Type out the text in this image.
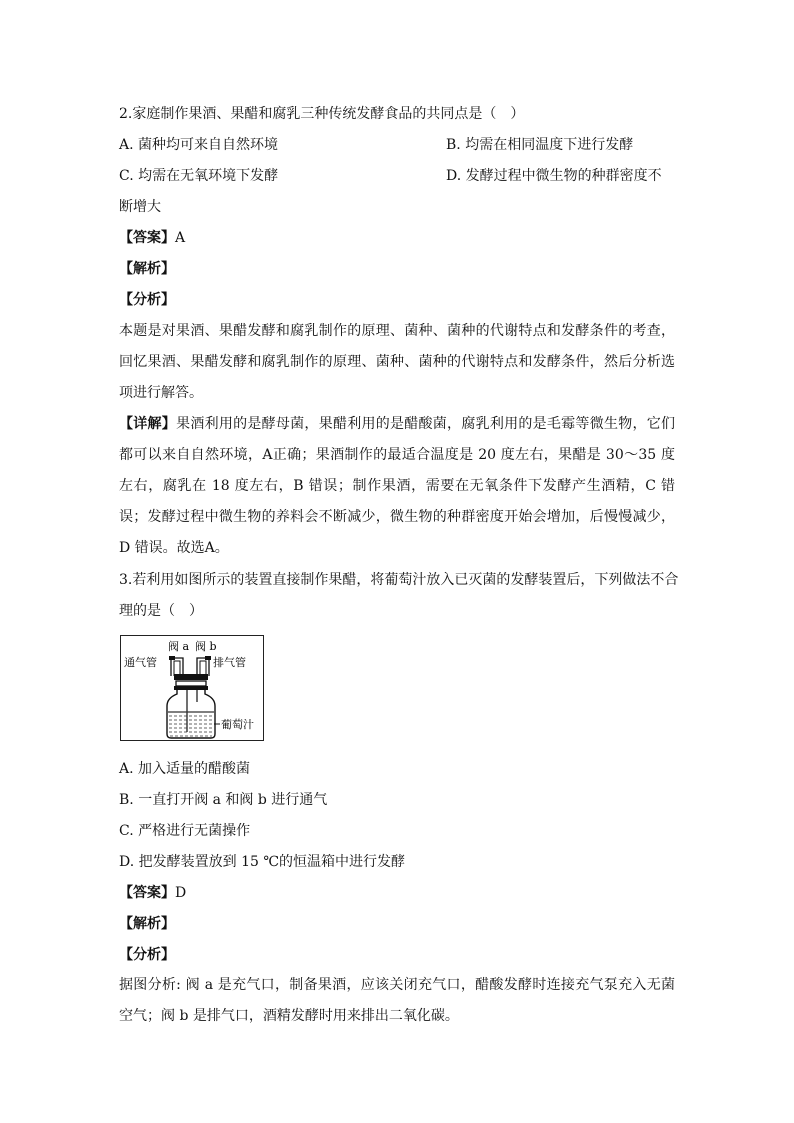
2.家庭制作果酒、果醋和腐乳三种传统发酵食品的共同点是（　）
A. 菌种均可来自自然环境	B. 均需在相同温度下进行发酵
C. 均需在无氧环境下发酵	D. 发酵过程中微生物的种群密度不
断增大
【答案】A
【解析】
【分析】
本题是对果酒、果醋发酵和腐乳制作的原理、菌种、菌种的代谢特点和发酵条件的考查，回忆果酒、果醋发酵和腐乳制作的原理、菌种、菌种的代谢特点和发酵条件，然后分析选项进行解答。
【详解】果酒利用的是酵母菌，果醋利用的是醋酸菌，腐乳利用的是毛霉等微生物，它们都可以来自自然环境，A正确；果酒制作的最适合温度是 20 度左右，果醋是 30～35 度左右，腐乳在 18 度左右，B 错误；制作果酒，需要在无氧条件下发酵产生酒精，C 错误；发酵过程中微生物的养料会不断减少，微生物的种群密度开始会增加，后慢慢减少，D 错误。故选A。
3.若利用如图所示的装置直接制作果醋，将葡萄汁放入已灭菌的发酵装置后，下列做法不合
理的是（　）
阀 a 阀 b
通气管	排气管
葡萄汁
A. 加入适量的醋酸菌
B. 一直打开阀 a 和阀 b 进行通气
C. 严格进行无菌操作
D. 把发酵装置放到 15 ℃的恒温箱中进行发酵
【答案】D
【解析】
【分析】
据图分析: 阀 a 是充气口，制备果酒，应该关闭充气口，醋酸发酵时连接充气泵充入无菌空气；阀 b 是排气口，酒精发酵时用来排出二氧化碳。
